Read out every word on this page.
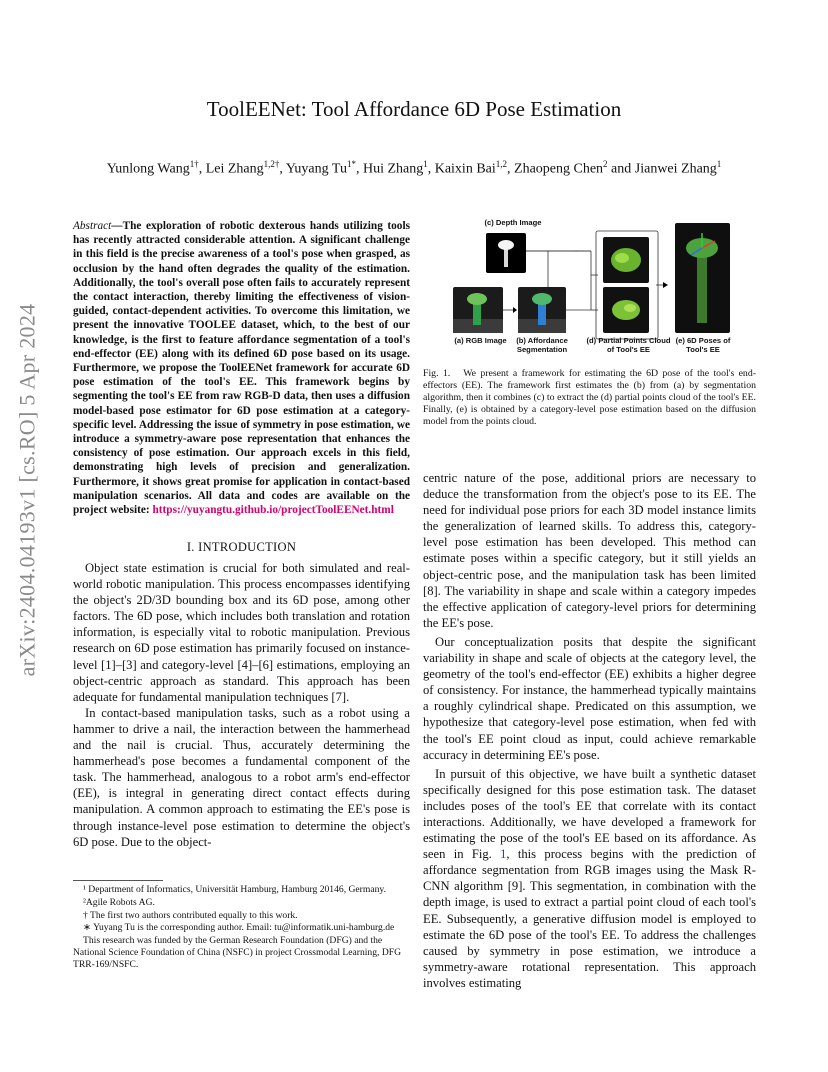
arXiv:2404.04193v1 [cs.RO] 5 Apr 2024
ToolEENet: Tool Affordance 6D Pose Estimation
Yunlong Wang$^{1\dagger}$, Lei Zhang$^{1,2\dagger}$, Yuyang $Tu^{1*}$, Hui Zhang$^1$, Kaixin Bai$^{1,2}$, Zhaopeng Chen$^2$ and Jianwei Zhang$^1$
Abstract—The exploration of robotic dexterous hands utilizing tools has recently attracted considerable attention. A significant challenge in this field is the precise awareness of a tool's pose when grasped, as occlusion by the hand often degrades the quality of the estimation. Additionally, the tool's overall pose often fails to accurately represent the contact interaction, thereby limiting the effectiveness of vision-guided, contact-dependent activities. To overcome this limitation, we present the innovative TOOLEE dataset, which, to the best of our knowledge, is the first to feature affordance segmentation of a tool's end-effector (EE) along with its defined 6D pose based on its usage. Furthermore, we propose the ToolEENet framework for accurate 6D pose estimation of the tool's EE. This framework begins by segmenting the tool's EE from raw RGB-D data, then uses a diffusion model-based pose estimator for 6D pose estimation at a category-specific level. Addressing the issue of symmetry in pose estimation, we introduce a symmetry-aware pose representation that enhances the consistency of pose estimation. Our approach excels in this field, demonstrating high levels of precision and generalization. Furthermore, it shows great promise for application in contact-based manipulation scenarios. All data and codes are available on the project website: https://yuyangtu.github.io/projectToolEENet.html
I. INTRODUCTION

Object state estimation is crucial for both simulated and real-world robotic manipulation. This process encompasses identifying the object's 2D/3D bounding box and its 6D pose, among other factors. The 6D pose, which includes both translation and rotation information, is especially vital to robotic manipulation. Previous research on 6D pose estimation has primarily focused on instance-level [1]–[3] and category-level [4]–[6] estimations, employing an object-centric approach as standard. This approach has been adequate for fundamental manipulation techniques [7].

In contact-based manipulation tasks, such as a robot using a hammer to drive a nail, the interaction between the hammerhead and the nail is crucial. Thus, accurately determining the hammerhead's pose becomes a fundamental component of the task. The hammerhead, analogous to a robot arm's end-effector (EE), is integral in generating direct contact effects during manipulation. A common approach to estimating the EE's pose is through instance-level pose estimation to determine the object's 6D pose. Due to the object-

¹ Department of Informatics, Universität Hamburg, Hamburg 20146, Germany.

²Agile Robots AG.

† The first two authors contributed equally to this work.

∗ Yuyang Tu is the corresponding author. Email: tu@informatik.uni-hamburg.de

This research was funded by the German Research Foundation (DFG) and the National Science Foundation of China (NSFC) in project Crossmodal Learning, DFG TRR-169/NSFC.

(c) Depth Image
(a) RGB Image	(b) Affordance
Segmentation
(d) Partial Points Cloud
of Tool's EE
(e) 6D Poses of
Tool's EE
Fig. 1. We present a framework for estimating the 6D pose of the tool's end-effectors (EE). The framework first estimates the (b) from (a) by segmentation algorithm, then it combines (c) to extract the (d) partial points cloud of the tool's EE. Finally, (e) is obtained by a category-level pose estimation based on the diffusion model from the points cloud.

centric nature of the pose, additional priors are necessary to deduce the transformation from the object's pose to its EE. The need for individual pose priors for each 3D model instance limits the generalization of learned skills. To address this, category-level pose estimation has been developed. This method can estimate poses within a specific category, but it still yields an object-centric pose, and the manipulation task has been limited [8]. The variability in shape and scale within a category impedes the effective application of category-level priors for determining the EE's pose.

Our conceptualization posits that despite the significant variability in shape and scale of objects at the category level, the geometry of the tool's end-effector (EE) exhibits a higher degree of consistency. For instance, the hammerhead typically maintains a roughly cylindrical shape. Predicated on this assumption, we hypothesize that category-level pose estimation, when fed with the tool's EE point cloud as input, could achieve remarkable accuracy in determining EE's pose.

In pursuit of this objective, we have built a synthetic dataset specifically designed for this pose estimation task. The dataset includes poses of the tool's EE that correlate with its contact interactions. Additionally, we have developed a framework for estimating the pose of the tool's EE based on its affordance. As seen in Fig. 1, this process begins with the prediction of affordance segmentation from RGB images using the Mask R-CNN algorithm [9]. This segmentation, in combination with the depth image, is used to extract a partial point cloud of each tool's EE. Subsequently, a generative diffusion model is employed to estimate the 6D pose of the tool's EE. To address the challenges caused by symmetry in pose estimation, we introduce a symmetry-aware rotational representation. This approach involves estimating
